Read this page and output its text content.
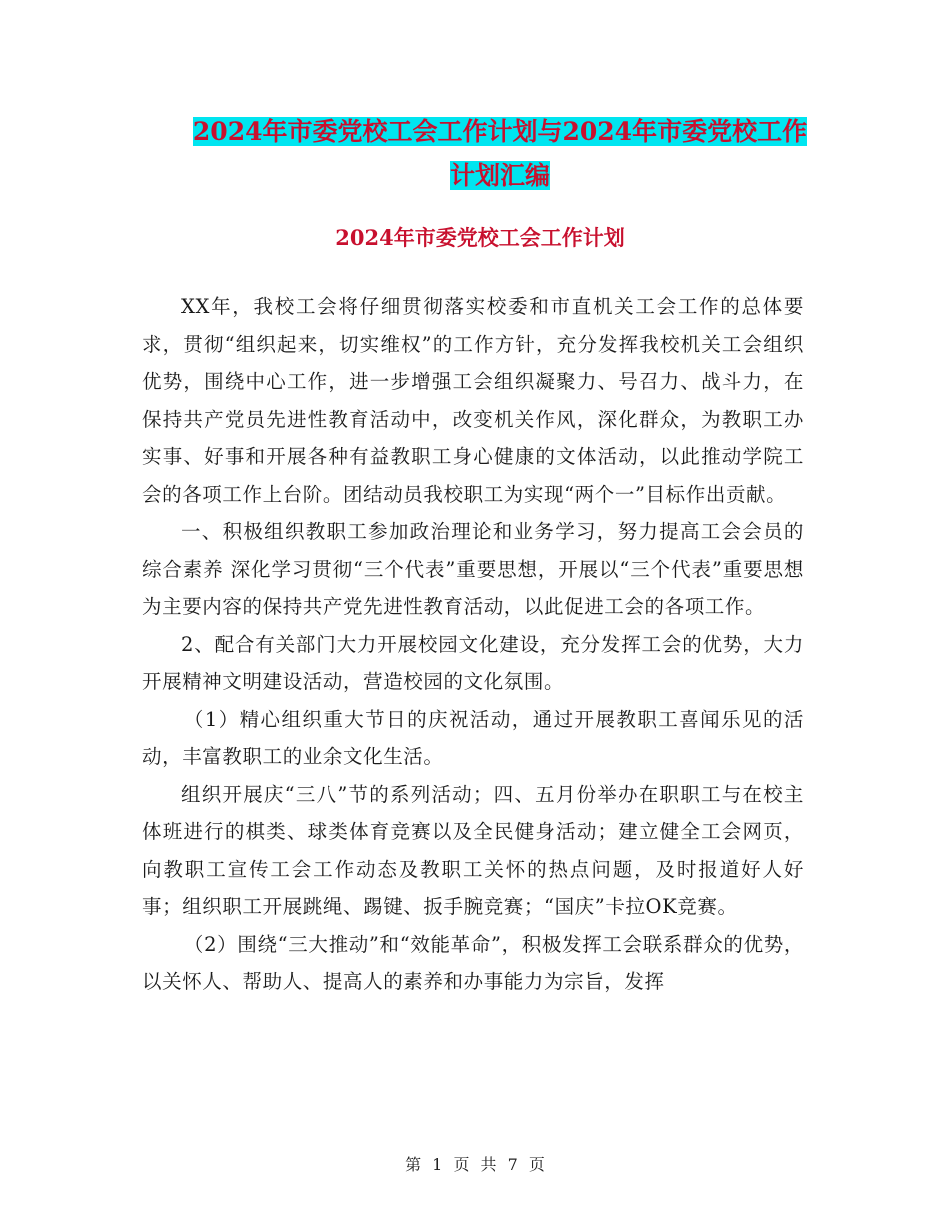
2024年市委党校工会工作计划与2024年市委党校工作
计划汇编
2024年市委党校工会工作计划

XX年，我校工会将仔细贯彻落实校委和市直机关工会工作的总体要求，贯彻“组织起来，切实维权”的工作方针，充分发挥我校机关工会组织优势，围绕中心工作，进一步增强工会组织凝聚力、号召力、战斗力，在保持共产党员先进性教育活动中，改变机关作风，深化群众，为教职工办实事、好事和开展各种有益教职工身心健康的文体活动，以此推动学院工会的各项工作上台阶。团结动员我校职工为实现“两个一”目标作出贡献。

一、积极组织教职工参加政治理论和业务学习，努力提高工会会员的综合素养 深化学习贯彻“三个代表”重要思想，开展以“三个代表”重要思想为主要内容的保持共产党先进性教育活动，以此促进工会的各项工作。

2、配合有关部门大力开展校园文化建设，充分发挥工会的优势，大力开展精神文明建设活动，营造校园的文化氛围。

（1）精心组织重大节日的庆祝活动，通过开展教职工喜闻乐见的活动，丰富教职工的业余文化生活。

组织开展庆“三八”节的系列活动；四、五月份举办在职职工与在校主体班进行的棋类、球类体育竞赛以及全民健身活动；建立健全工会网页，向教职工宣传工会工作动态及教职工关怀的热点问题，及时报道好人好事；组织职工开展跳绳、踢键、扳手腕竞赛；“国庆”卡拉OK竞赛。

（2）围绕“三大推动”和“效能革命”，积极发挥工会联系群众的优势，以关怀人、帮助人、提高人的素养和办事能力为宗旨，发挥

第 1 页 共 7 页
